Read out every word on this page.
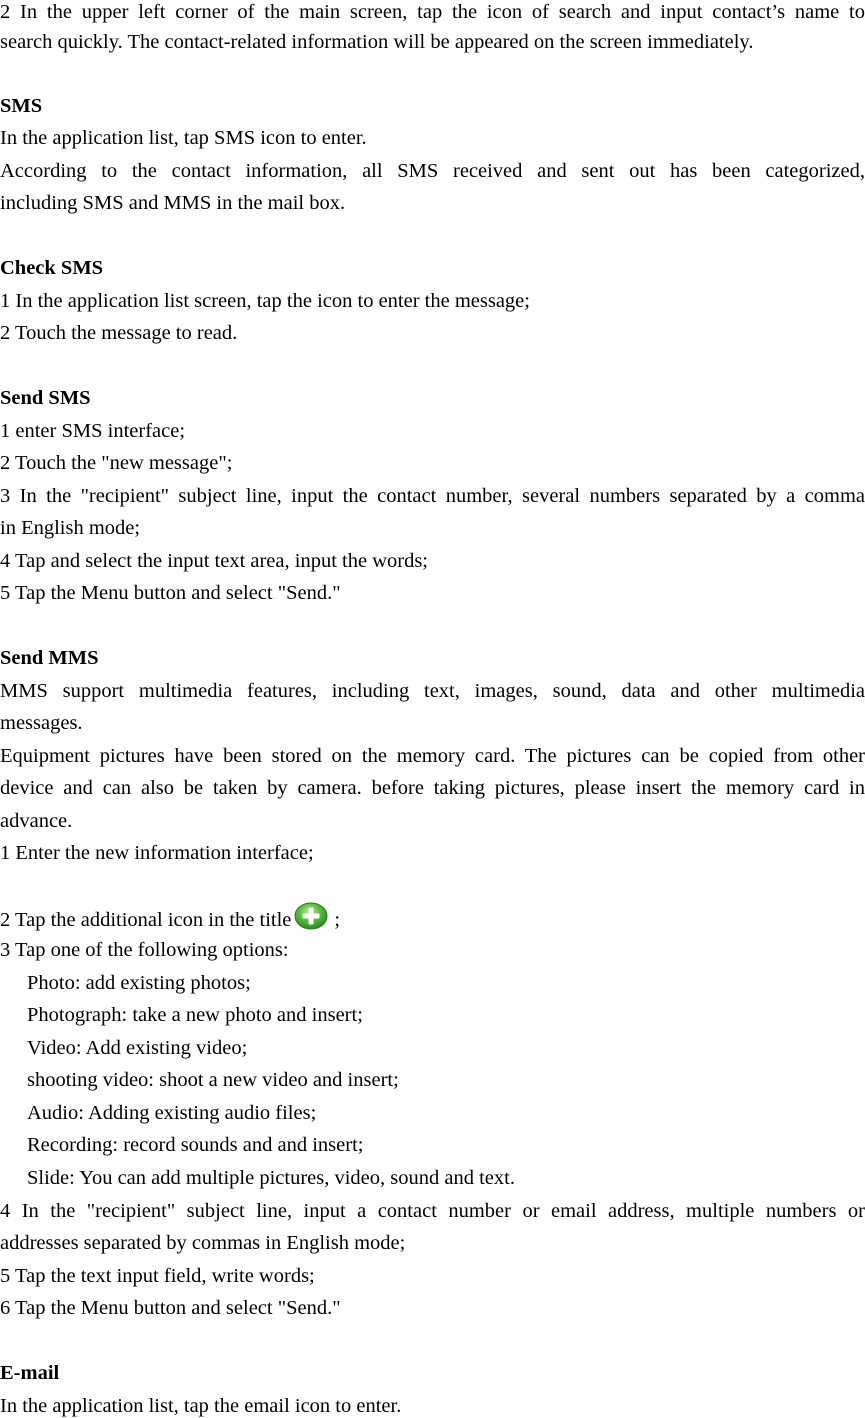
2 In the upper left corner of the main screen, tap the icon of search and input contact’s name to
search quickly. The contact-related information will be appeared on the screen immediately.
SMS
In the application list, tap SMS icon to enter.
According to the contact information, all SMS received and sent out has been categorized,
including SMS and MMS in the mail box.
Check SMS
1 In the application list screen, tap the icon to enter the message;
2 Touch the message to read.
Send SMS
1 enter SMS interface;
2 Touch the "new message";
3 In the "recipient" subject line, input the contact number, several numbers separated by a comma
in English mode;
4 Tap and select the input text area, input the words;
5 Tap the Menu button and select "Send."
Send MMS
MMS support multimedia features, including text, images, sound, data and other multimedia
messages.
Equipment pictures have been stored on the memory card. The pictures can be copied from other
device and can also be taken by camera. before taking pictures, please insert the memory card in
advance.
1 Enter the new information interface;
2 Tap the additional icon in the title ;
3 Tap one of the following options:
Photo: add existing photos;
Photograph: take a new photo and insert;
Video: Add existing video;
shooting video: shoot a new video and insert;
Audio: Adding existing audio files;
Recording: record sounds and and insert;
Slide: You can add multiple pictures, video, sound and text.
4 In the "recipient" subject line, input a contact number or email address, multiple numbers or
addresses separated by commas in English mode;
5 Tap the text input field, write words;
6 Tap the Menu button and select "Send."
E-mail
In the application list, tap the email icon to enter.
